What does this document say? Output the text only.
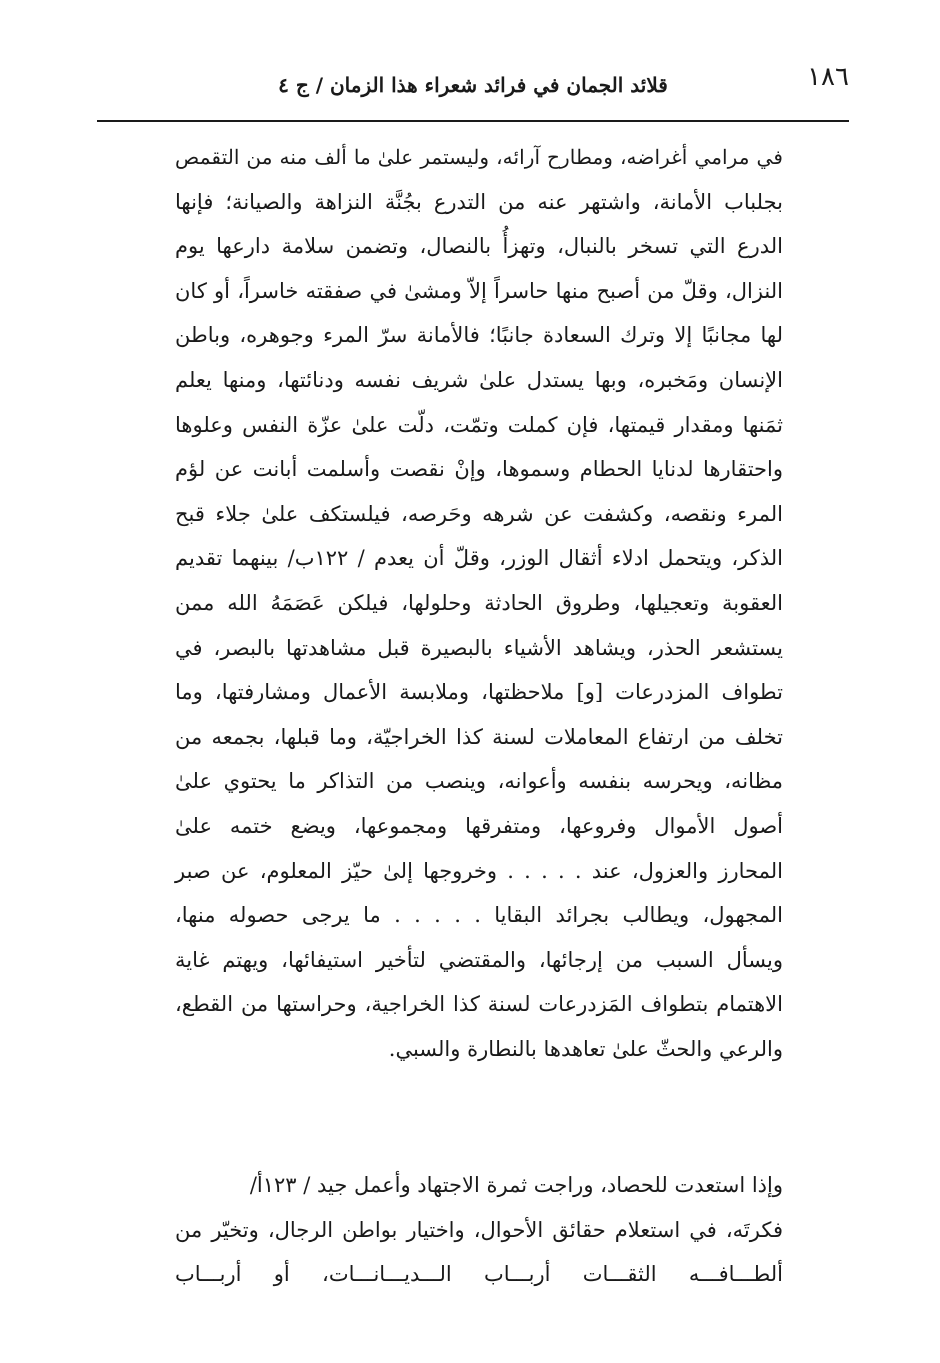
١٨٦
قلائد الجمان في فرائد شعراء هذا الزمان / ج ٤
في مرامي أغراضه، ومطارح آرائه، وليستمر علىٰ ما ألف منه من التقمص
بجلباب الأمانة، واشتهر عنه من التدرع بجُنَّة النزاهة والصيانة؛ فإنها
الدرع التي تسخر بالنبال، وتهزأُ بالنصال، وتضمن سلامة دارعها يوم
النزال، وقلّ من أصبح منها حاسراً إلاّ ومشىٰ في صفقته خاسراً، أو كان
لها مجانبًا إلا وترك السعادة جانبًا؛ فالأمانة سرّ المرء وجوهره، وباطن
الإنسان ومَخبره، وبها يستدل علىٰ شريف نفسه ودنائتها، ومنها يعلم
ثمَنها ومقدار قيمتها، فإن كملت وتمّت، دلّت علىٰ عزّة النفس وعلوها
واحتقارها لدنايا الحطام وسموها، وإنْ نقصت وأسلمت أبانت عن لؤم
المرء ونقصه، وكشفت عن شرهه وحَرصه، فيلستكف علىٰ جلاء قبح
الذكر، ويتحمل ادلاء أثقال الوزر، وقلّ أن يعدم / ١٢٢ب/ بينهما تقديم
العقوبة وتعجيلها، وطروق الحادثة وحلولها، فيلكن عَصَمَهُ الله ممن
يستشعر الحذر، ويشاهد الأشياء بالبصيرة قبل مشاهدتها بالبصر، في
تطواف المزدرعات [و] ملاحظتها، وملابسة الأعمال ومشارفتها، وما
تخلف من ارتفاع المعاملات لسنة كذا الخراجيّة، وما قبلها، بجمعه من
مظانه، ويحرسه بنفسه وأعوانه، وينصب من التذاكر ما يحتوي علىٰ
أصول الأموال وفروعها، ومتفرقها ومجموعها، ويضع ختمه علىٰ
المحارز والعزول، عند . . . . . وخروجها إلىٰ حيّز المعلوم، عن صبر
المجهول، ويطالب بجرائد البقايا . . . . . ما يرجى حصوله منها،
ويسأل السبب من إرجائها، والمقتضي لتأخير استيفائها، ويهتم غاية
الاهتمام بتطواف المَزدرعات لسنة كذا الخراجية، وحراستها من القطع،
والرعي والحثّ علىٰ تعاهدها بالنطارة والسبي.
وإذا استعدت للحصاد، وراجت ثمرة الاجتهاد وأعمل جيد / ١٢٣أ/
فكرتَه، في استعلام حقائق الأحوال، واختيار بواطن الرجال، وتخيّر من
ألطـــافـــه الثقـــات أربـــاب الـــديـــانـــات، أو أربـــاب
